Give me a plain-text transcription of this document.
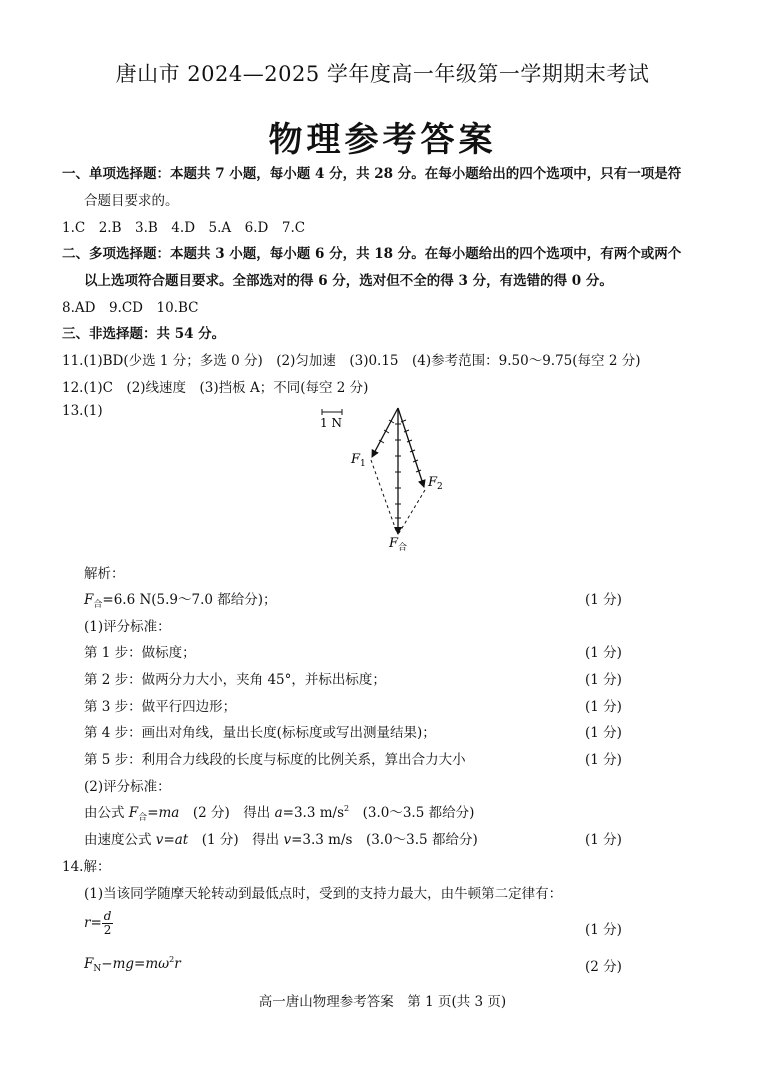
唐山市 2024—2025 学年度高一年级第一学期期末考试
物理参考答案
一、单项选择题：本题共 7 小题，每小题 4 分，共 28 分。在每小题给出的四个选项中，只有一项是符
合题目要求的。
1.C　2.B　3.B　4.D　5.A　6.D　7.C
二、多项选择题：本题共 3 小题，每小题 6 分，共 18 分。在每小题给出的四个选项中，有两个或两个
以上选项符合题目要求。全部选对的得 6 分，选对但不全的得 3 分，有选错的得 0 分。
8.AD　9.CD　10.BC
三、非选择题：共 54 分。
11.(1)BD(少选 1 分；多选 0 分)　(2)匀加速　(3)0.15　(4)参考范围：9.50～9.75(每空 2 分)
12.(1)C　(2)线速度　(3)挡板 A；不同(每空 2 分)
13.(1)
1 N
$F_1$
$F_2$
$F_合$
解析：
$F_合=6.6$ N(5.9～7.0 都给分)；	(1 分)
(1)评分标准：
第 1 步：做标度；	(1 分)
第 2 步：做两分力大小，夹角 45°，并标出标度；	(1 分)
第 3 步：做平行四边形；	(1 分)
第 4 步：画出对角线，量出长度(标标度或写出测量结果)；	(1 分)
第 5 步：利用合力线段的长度与标度的比例关系，算出合力大小	(1 分)
(2)评分标准：
由公式 $F_合=ma$　(2 分)　得出 a=3.3 $m/s^2$　(3.0～3.5 都给分)
由速度公式 v=at　(1 分)　得出 v=3.3 m/s　(3.0～3.5 都给分)	(1 分)
14.解：
(1)当该同学随摩天轮转动到最低点时，受到的支持力最大，由牛顿第二定律有：
$r= \frac{d}{2}$	(1 分)
$F_N-mg=m\omega^2r$	(2 分)
高一唐山物理参考答案　第 1 页(共 3 页)
